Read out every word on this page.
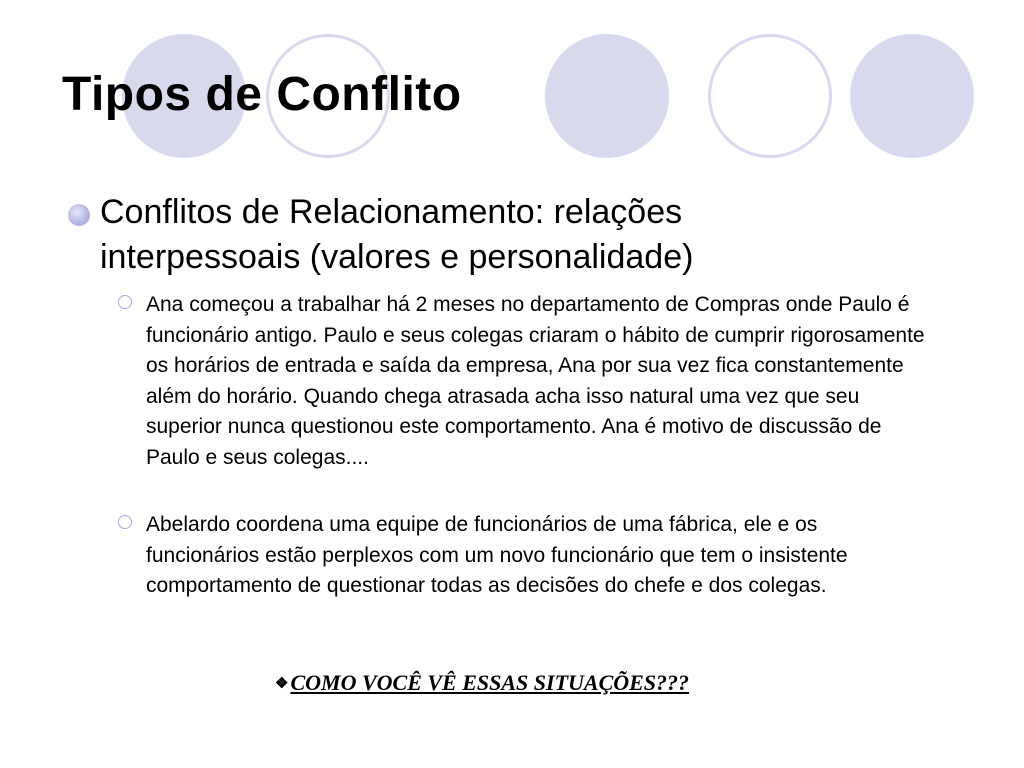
Tipos de Conflito

Conflitos de Relacionamento: relações interpessoais (valores e personalidade)

Ana começou a trabalhar há 2 meses no departamento de Compras onde Paulo é funcionário antigo. Paulo e seus colegas criaram o hábito de cumprir rigorosamente os horários de entrada e saída da empresa, Ana por sua vez fica constantemente além do horário. Quando chega atrasada acha isso natural uma vez que seu superior nunca questionou este comportamento. Ana é motivo de discussão de Paulo e seus colegas....

Abelardo coordena uma equipe de funcionários de uma fábrica, ele e os funcionários estão perplexos com um novo funcionário que tem o insistente comportamento de questionar todas as decisões do chefe e dos colegas.

❖COMO VOCÊ VÊ ESSAS SITUAÇÕES???
